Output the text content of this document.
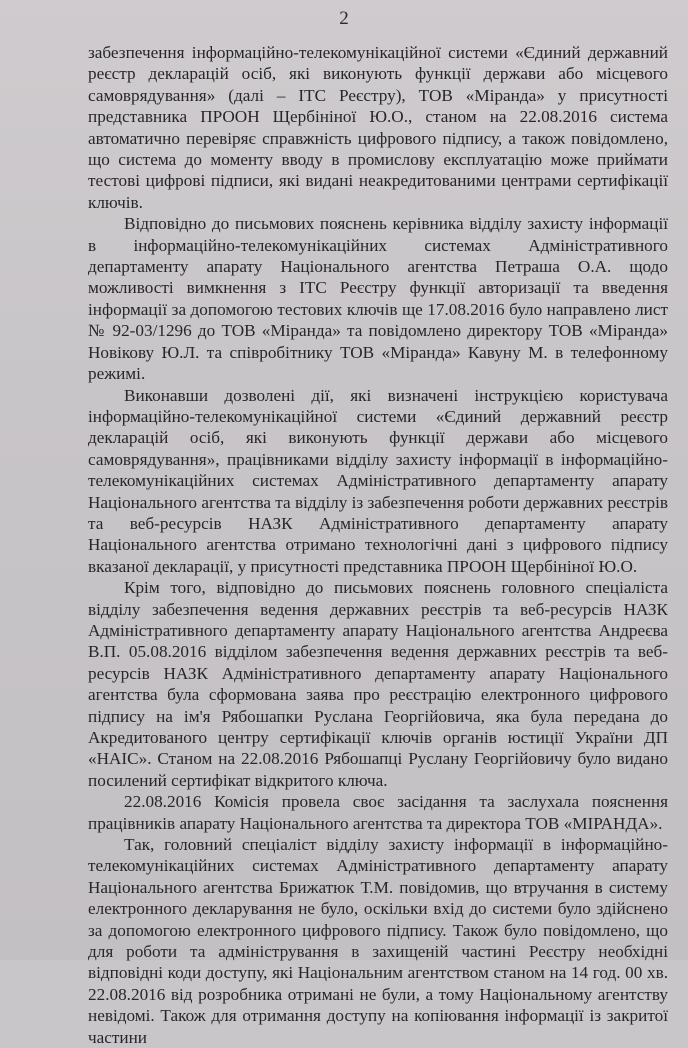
2

забезпечення інформаційно-телекомунікаційної системи «Єдиний державний реєстр декларацій осіб, які виконують функції держави або місцевого самоврядування» (далі – ІТС Реєстру), ТОВ «Міранда» у присутності представника ПРООН Щербініної Ю.О., станом на 22.08.2016 система автоматично перевіряє справжність цифрового підпису, а також повідомлено, що система до моменту вводу в промислову експлуатацію може приймати тестові цифрові підписи, які видані неакредитованими центрами сертифікації ключів.

Відповідно до письмових пояснень керівника відділу захисту інформації в інформаційно-телекомунікаційних системах Адміністративного департаменту апарату Національного агентства Петраша О.А. щодо можливості вимкнення з ІТС Реєстру функції авторизації та введення інформації за допомогою тестових ключів ще 17.08.2016 було направлено лист № 92-03/1296 до ТОВ «Міранда» та повідомлено директору ТОВ «Міранда» Новікову Ю.Л. та співробітнику ТОВ «Міранда» Кавуну М. в телефонному режимі.

Виконавши дозволені дії, які визначені інструкцією користувача інформаційно-телекомунікаційної системи «Єдиний державний реєстр декларацій осіб, які виконують функції держави або місцевого самоврядування», працівниками відділу захисту інформації в інформаційно-телекомунікаційних системах Адміністративного департаменту апарату Національного агентства та відділу із забезпечення роботи державних реєстрів та веб-ресурсів НАЗК Адміністративного департаменту апарату Національного агентства отримано технологічні дані з цифрового підпису вказаної декларації, у присутності представника ПРООН Щербініної Ю.О.

Крім того, відповідно до письмових пояснень головного спеціаліста відділу забезпечення ведення державних реєстрів та веб-ресурсів НАЗК Адміністративного департаменту апарату Національного агентства Андреєва В.П. 05.08.2016 відділом забезпечення ведення державних реєстрів та веб-ресурсів НАЗК Адміністративного департаменту апарату Національного агентства була сформована заява про реєстрацію електронного цифрового підпису на ім'я Рябошапки Руслана Георгійовича, яка була передана до Акредитованого центру сертифікації ключів органів юстиції України ДП «НАІС». Станом на 22.08.2016 Рябошапці Руслану Георгійовичу було видано посилений сертифікат відкритого ключа.

22.08.2016 Комісія провела своє засідання та заслухала пояснення працівників апарату Національного агентства та директора ТОВ «МІРАНДА».

Так, головний спеціаліст відділу захисту інформації в інформаційно-телекомунікаційних системах Адміністративного департаменту апарату Національного агентства Брижатюк Т.М. повідомив, що втручання в систему електронного декларування не було, оскільки вхід до системи було здійснено за допомогою електронного цифрового підпису. Також було повідомлено, що для роботи та адміністрування в захищеній частині Реєстру необхідні відповідні коди доступу, які Національним агентством станом на 14 год. 00 хв. 22.08.2016 від розробника отримані не були, а тому Національному агентству невідомі. Також для отримання доступу на копіювання інформації із закритої частини
